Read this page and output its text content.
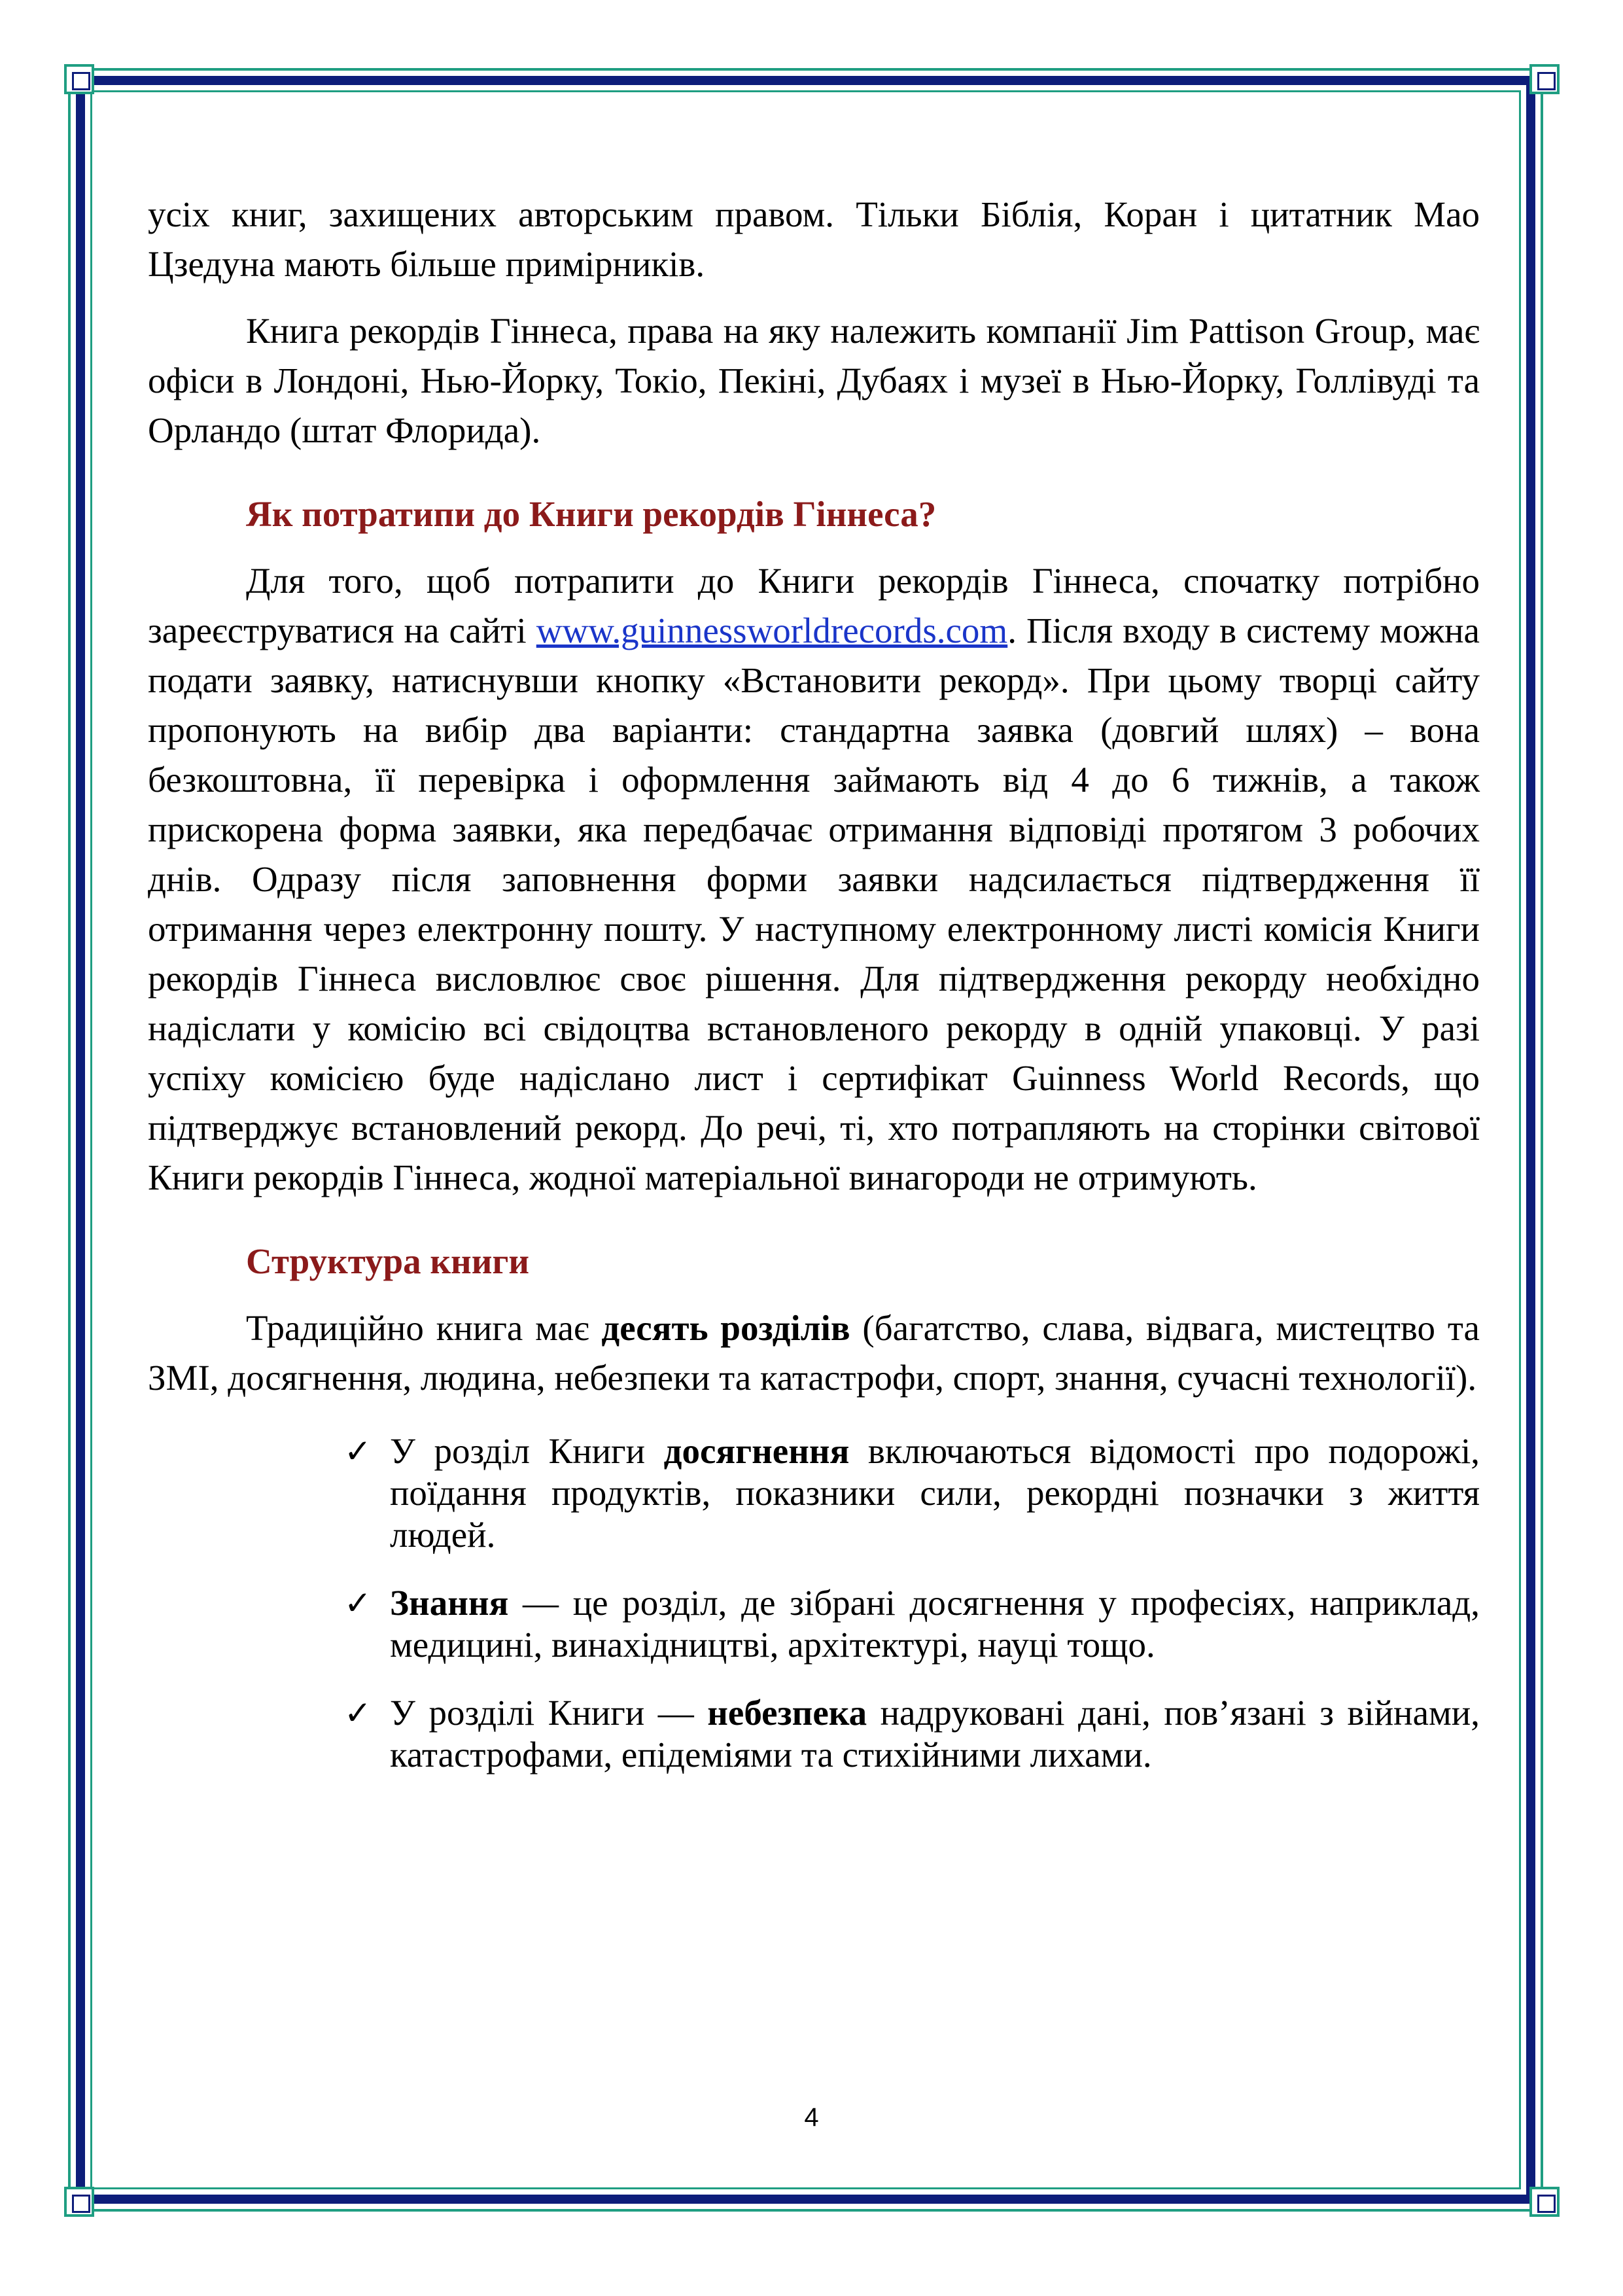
усіх книг, захищених авторським правом. Тільки Біблія, Коран і цитатник Мао Цзедуна мають більше примірників.

Книга рекордів Гіннеса, права на яку належить компанії Jim Pattison Group, має офіси в Лондоні, Нью-Йорку, Токіо, Пекіні, Дубаях і музеї в Нью-Йорку, Голлівуді та Орландо (штат Флорида).

Як потратипи до Книги рекордів Гіннеса?

Для того, щоб потрапити до Книги рекордів Гіннеса, спочатку потрібно зареєструватися на сайті www.guinnessworldrecords.com. Після входу в систему можна подати заявку, натиснувши кнопку «Встановити рекорд». При цьому творці сайту пропонують на вибір два варіанти: стандартна заявка (довгий шлях) – вона безкоштовна, її перевірка і оформлення займають від 4 до 6 тижнів, а також прискорена форма заявки, яка передбачає отримання відповіді протягом 3 робочих днів. Одразу після заповнення форми заявки надсилається підтвердження її отримання через електронну пошту. У наступному електронному листі комісія Книги рекордів Гіннеса висловлює своє рішення. Для підтвердження рекорду необхідно надіслати у комісію всі свідоцтва встановленого рекорду в одній упаковці. У разі успіху комісією буде надіслано лист і сертифікат Guinness World Records, що підтверджує встановлений рекорд. До речі, ті, хто потрапляють на сторінки світової Книги рекордів Гіннеса, жодної матеріальної винагороди не отримують.

Структура книги

Традиційно книга має десять розділів (багатство, слава, відвага, мистецтво та ЗМІ, досягнення, людина, небезпеки та катастрофи, спорт, знання, сучасні технології).

✓ У розділ Книги досягнення включаються відомості про подорожі, поїдання продуктів, показники сили, рекордні позначки з життя людей.
✓ Знання — це розділ, де зібрані досягнення у професіях, наприклад, медицині, винахідництві, архітектурі, науці тощо.
✓ У розділі Книги — небезпека надруковані дані, пов’язані з війнами, катастрофами, епідеміями та стихійними лихами.
4
